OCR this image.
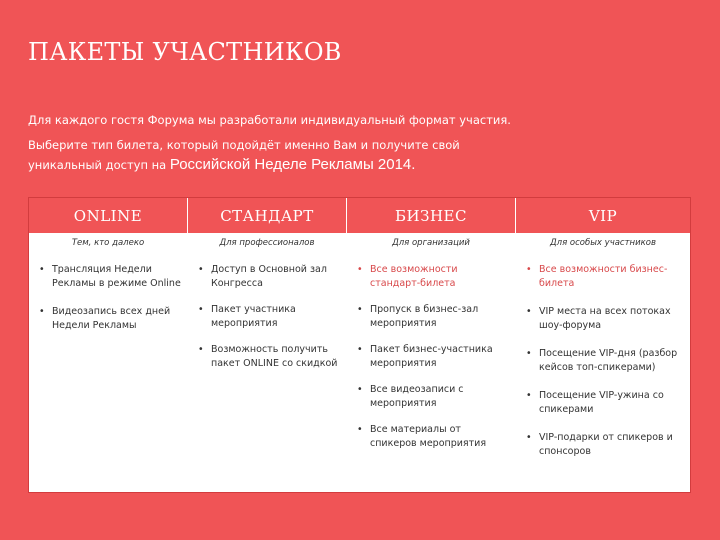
ПАКЕТЫ УЧАСТНИКОВ
Для каждого гостя Форума мы разработали индивидуальный формат участия.
Выберите тип билета, который подойдёт именно Вам и получите свой
уникальный доступ на Российской Неделе Рекламы 2014.
ONLINE
Тем, кто далеко
• Трансляция Недели Рекламы в режиме Online
• Видеозапись всех дней Недели Рекламы
СТАНДАРТ
Для профессионалов
• Доступ в Основной зал Конгресса
• Пакет участника мероприятия
• Возможность получить пакет ONLINE со скидкой
БИЗНЕС
Для организаций
• Все возможности стандарт-билета
• Пропуск в бизнес-зал мероприятия
• Пакет бизнес-участника мероприятия
• Все видеозаписи с мероприятия
• Все материалы от спикеров мероприятия
VIP
Для особых участников
• Все возможности бизнес-билета
• VIP места на всех потоках шоу-форума
• Посещение VIP-дня (разбор кейсов топ-спикерами)
• Посещение VIP-ужина со спикерами
• VIP-подарки от спикеров и спонсоров
